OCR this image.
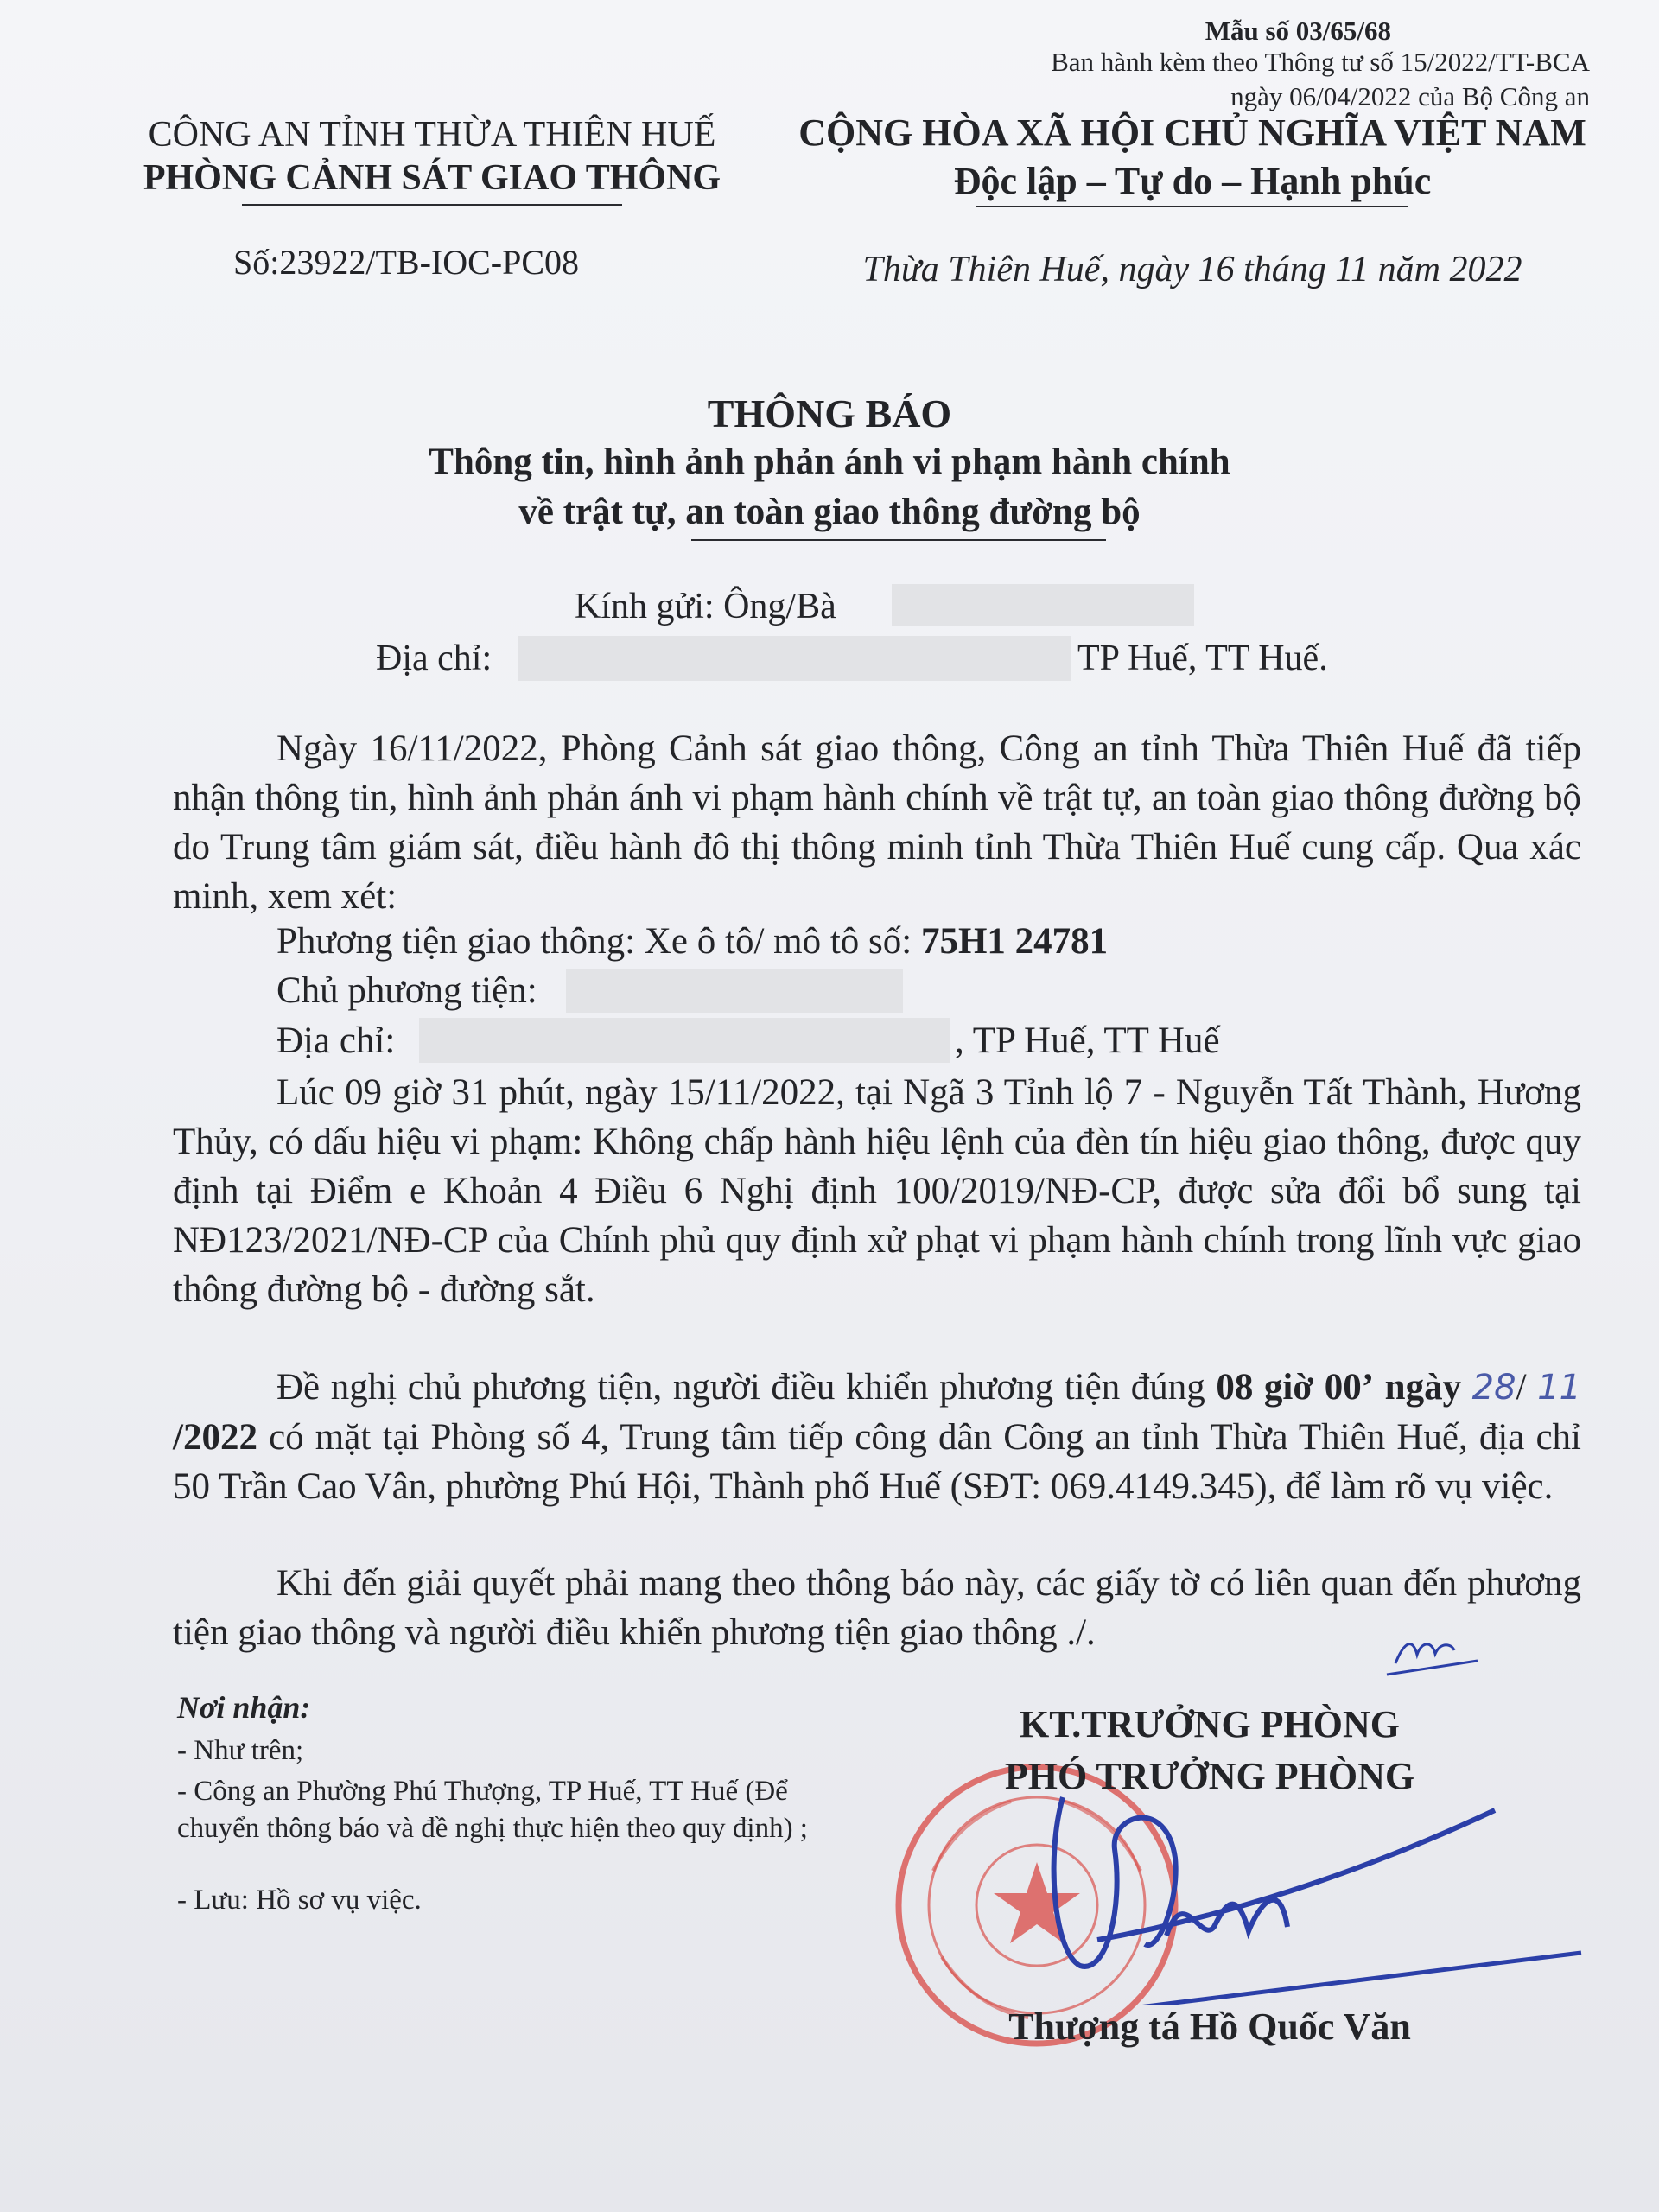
Mẫu số 03/65/68
Ban hành kèm theo Thông tư số 15/2022/TT-BCA
ngày 06/04/2022 của Bộ Công an
CÔNG AN TỈNH THỪA THIÊN HUẾ
PHÒNG CẢNH SÁT GIAO THÔNG
Số:23922/TB-IOC-PC08
CỘNG HÒA XÃ HỘI CHỦ NGHĨA VIỆT NAM
Độc lập – Tự do – Hạnh phúc
Thừa Thiên Huế, ngày 16 tháng 11 năm 2022
THÔNG BÁO
Thông tin, hình ảnh phản ánh vi phạm hành chính
về trật tự, an toàn giao thông đường bộ
Kính gửi: Ông/Bà
Địa chỉ:	TP Huế, TT Huế.
Ngày 16/11/2022, Phòng Cảnh sát giao thông, Công an tỉnh Thừa Thiên Huế đã tiếp nhận thông tin, hình ảnh phản ánh vi phạm hành chính về trật tự, an toàn giao thông đường bộ do Trung tâm giám sát, điều hành đô thị thông minh tỉnh Thừa Thiên Huế cung cấp. Qua xác minh, xem xét:
Phương tiện giao thông: Xe ô tô/ mô tô số: 75H1 24781
Chủ phương tiện:
Địa chỉ:	, TP Huế, TT Huế
Lúc 09 giờ 31 phút, ngày 15/11/2022, tại Ngã 3 Tỉnh lộ 7 - Nguyễn Tất Thành, Hương Thủy, có dấu hiệu vi phạm: Không chấp hành hiệu lệnh của đèn tín hiệu giao thông, được quy định tại Điểm e Khoản 4 Điều 6 Nghị định 100/2019/NĐ-CP, được sửa đổi bổ sung tại NĐ123/2021/NĐ-CP của Chính phủ quy định xử phạt vi phạm hành chính trong lĩnh vực giao thông đường bộ - đường sắt.
Đề nghị chủ phương tiện, người điều khiển phương tiện đúng 08 giờ 00’ ngày 28/ 11 /2022 có mặt tại Phòng số 4, Trung tâm tiếp công dân Công an tỉnh Thừa Thiên Huế, địa chỉ 50 Trần Cao Vân, phường Phú Hội, Thành phố Huế (SĐT: 069.4149.345), để làm rõ vụ việc.
Khi đến giải quyết phải mang theo thông báo này, các giấy tờ có liên quan đến phương tiện giao thông và người điều khiển phương tiện giao thông ./.
Nơi nhận:
- Như trên;
- Công an Phường Phú Thượng, TP Huế, TT Huế (Để chuyển thông báo và đề nghị thực hiện theo quy định) ;
- Lưu: Hồ sơ vụ việc.
KT.TRƯỞNG PHÒNG
PHÓ TRƯỞNG PHÒNG
Thượng tá Hồ Quốc Văn
